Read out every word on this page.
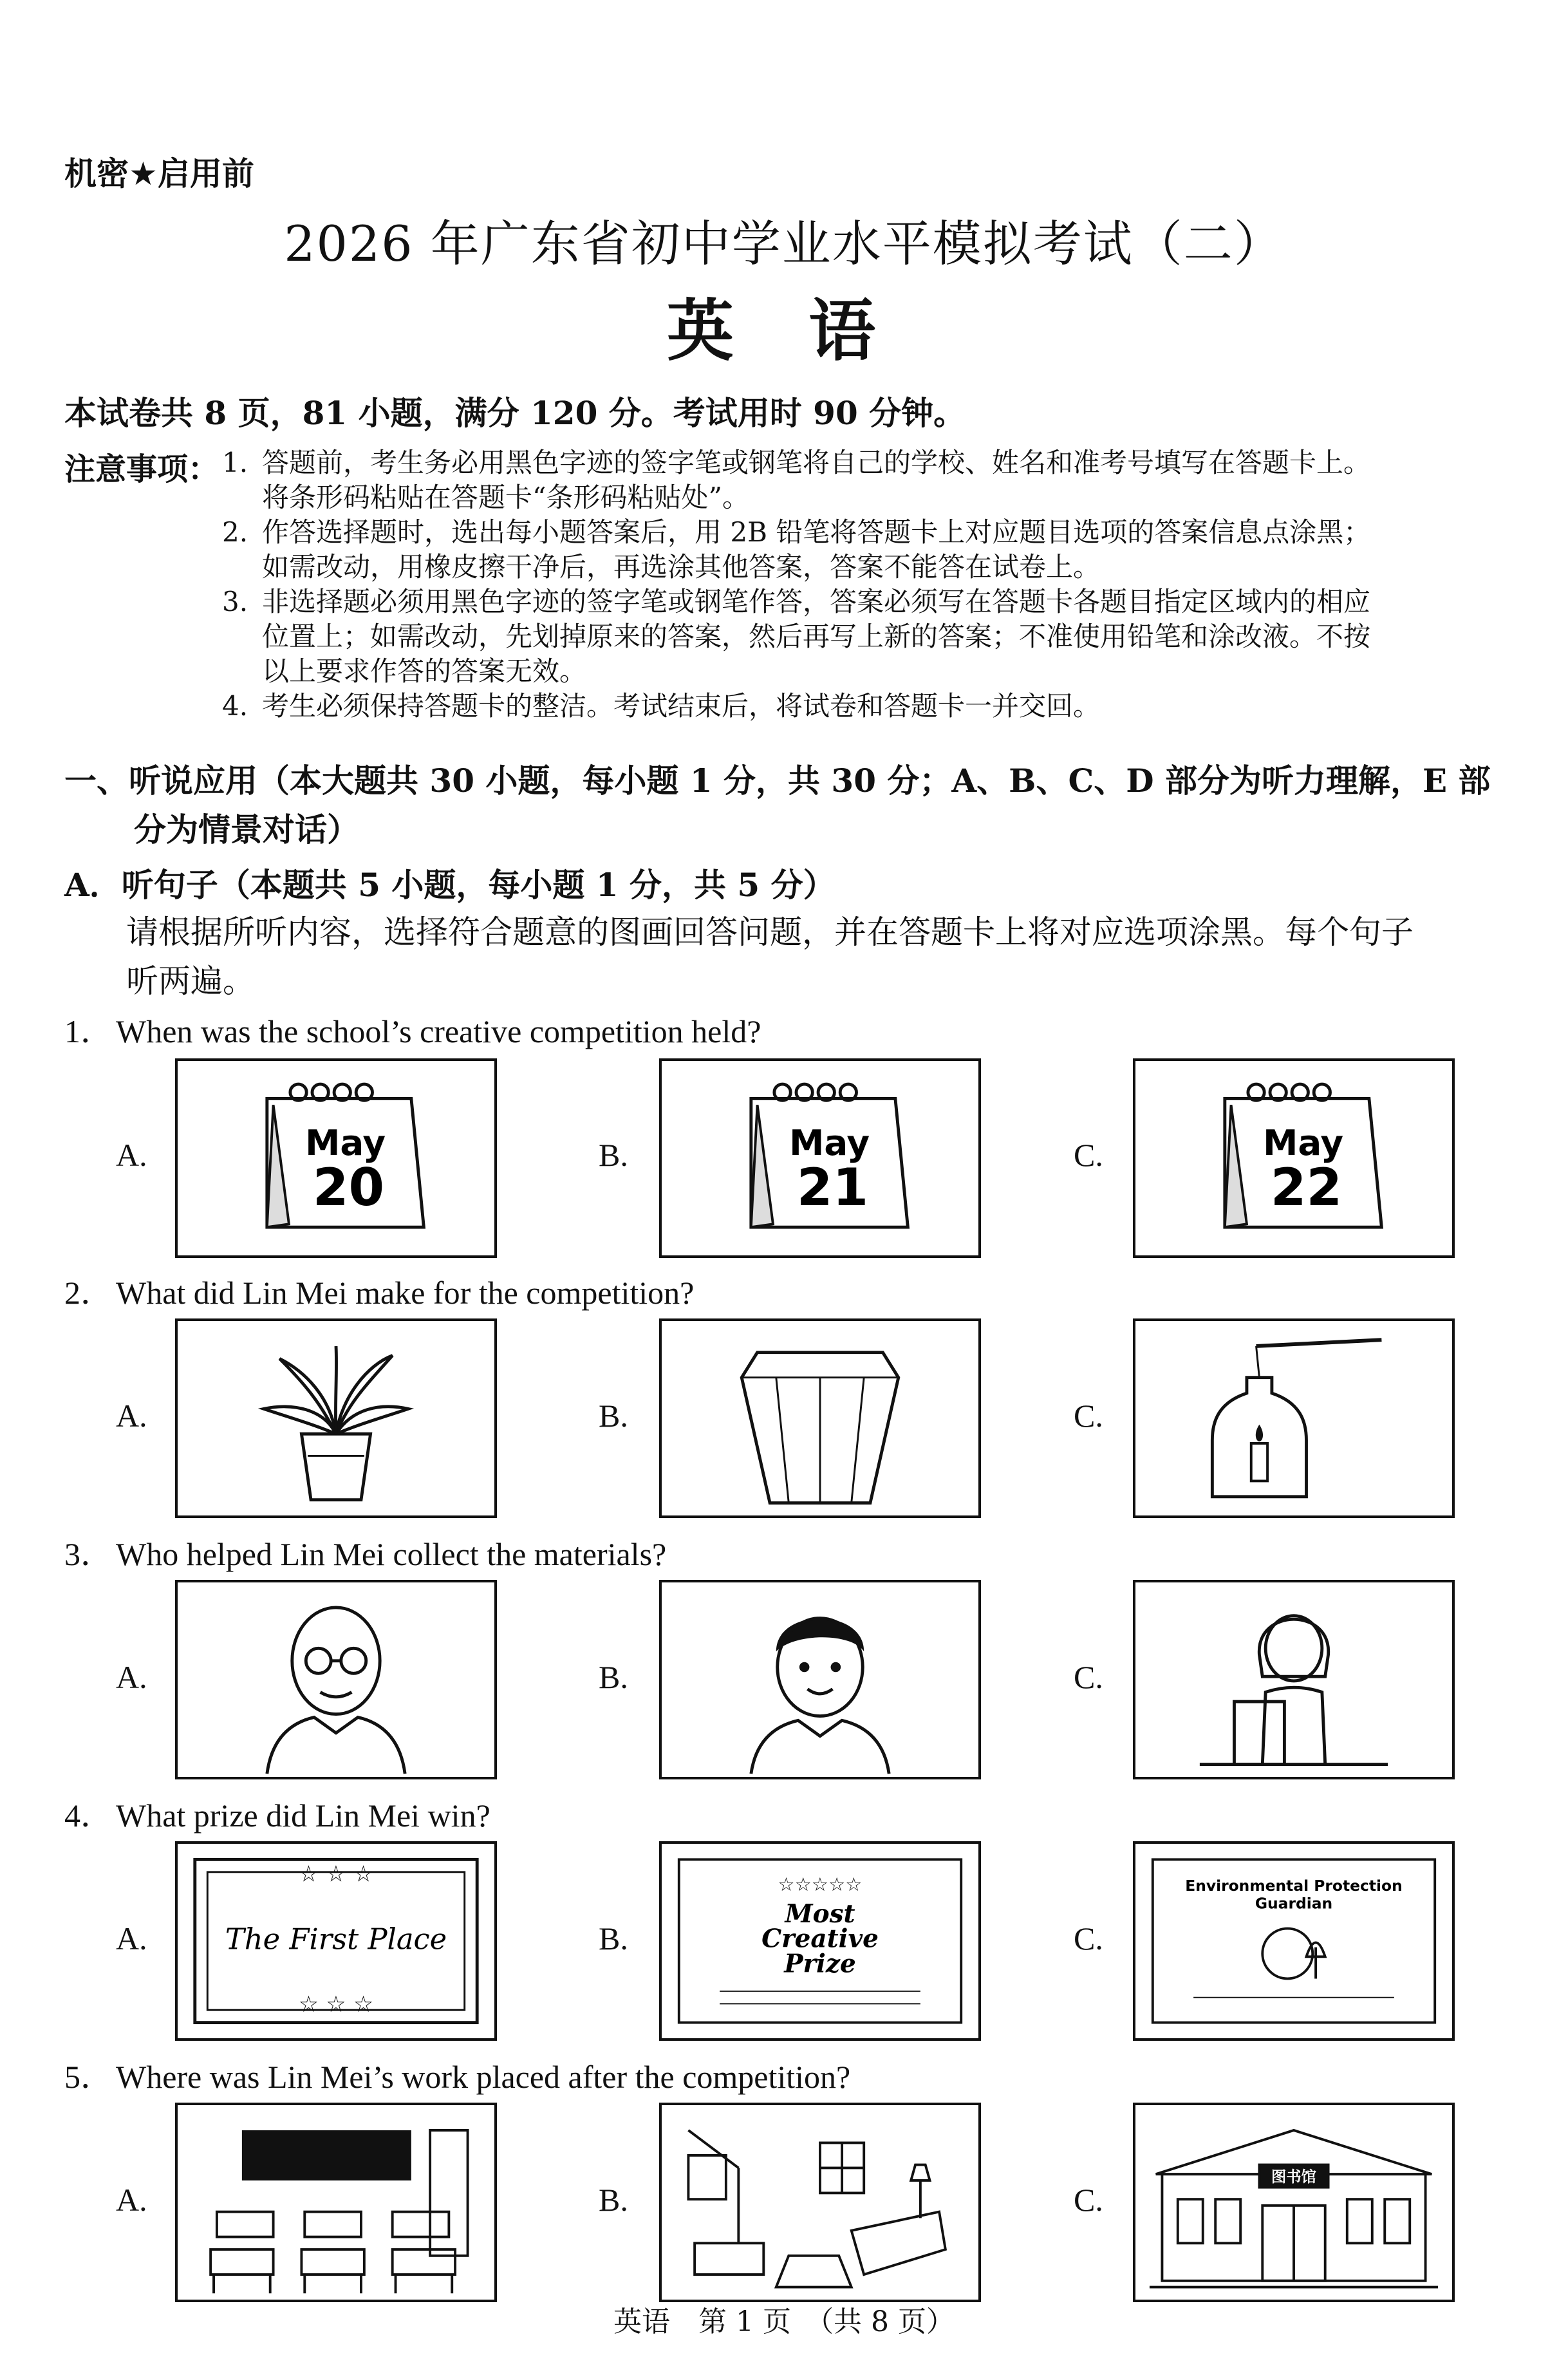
机密★启用前
2026 年广东省初中学业水平模拟考试（二）
英 语
本试卷共 8 页，81 小题，满分 120 分。考试用时 90 分钟。
注意事项： 1. 答题前，考生务必用黑色字迹的签字笔或钢笔将自己的学校、姓名和准考号填写在答题卡上。
将条形码粘贴在答题卡“条形码粘贴处”。
2. 作答选择题时，选出每小题答案后，用 2B 铅笔将答题卡上对应题目选项的答案信息点涂黑；
如需改动，用橡皮擦干净后，再选涂其他答案，答案不能答在试卷上。
3. 非选择题必须用黑色字迹的签字笔或钢笔作答，答案必须写在答题卡各题目指定区域内的相应
位置上；如需改动，先划掉原来的答案，然后再写上新的答案；不准使用铅笔和涂改液。不按
以上要求作答的答案无效。
4. 考生必须保持答题卡的整洁。考试结束后，将试卷和答题卡一并交回。
一、听说应用（本大题共 30 小题，每小题 1 分，共 30 分；A、B、C、D 部分为听力理解，E 部
分为情景对话）
A．听句子（本题共 5 小题，每小题 1 分，共 5 分）
请根据所听内容，选择符合题意的图画回答问题，并在答题卡上将对应选项涂黑。每个句子
听两遍。
1． When was the school’s creative competition held?
A.	B.	C.
May
20
May
21
May
22
2． What did Lin Mei make for the competition?
A.	B.	C.
3． Who helped Lin Mei collect the materials?
A.	B.	C.
4． What prize did Lin Mei win?
A.	B.	C.
☆ ☆ ☆
☆ ☆ ☆
The First Place
☆☆☆☆☆
Most
Creative
Prize
Environmental Protection
Guardian
5． Where was Lin Mei’s work placed after the competition?
A.	B.	C.
图书馆
英语　第 1 页　（共 8 页）
